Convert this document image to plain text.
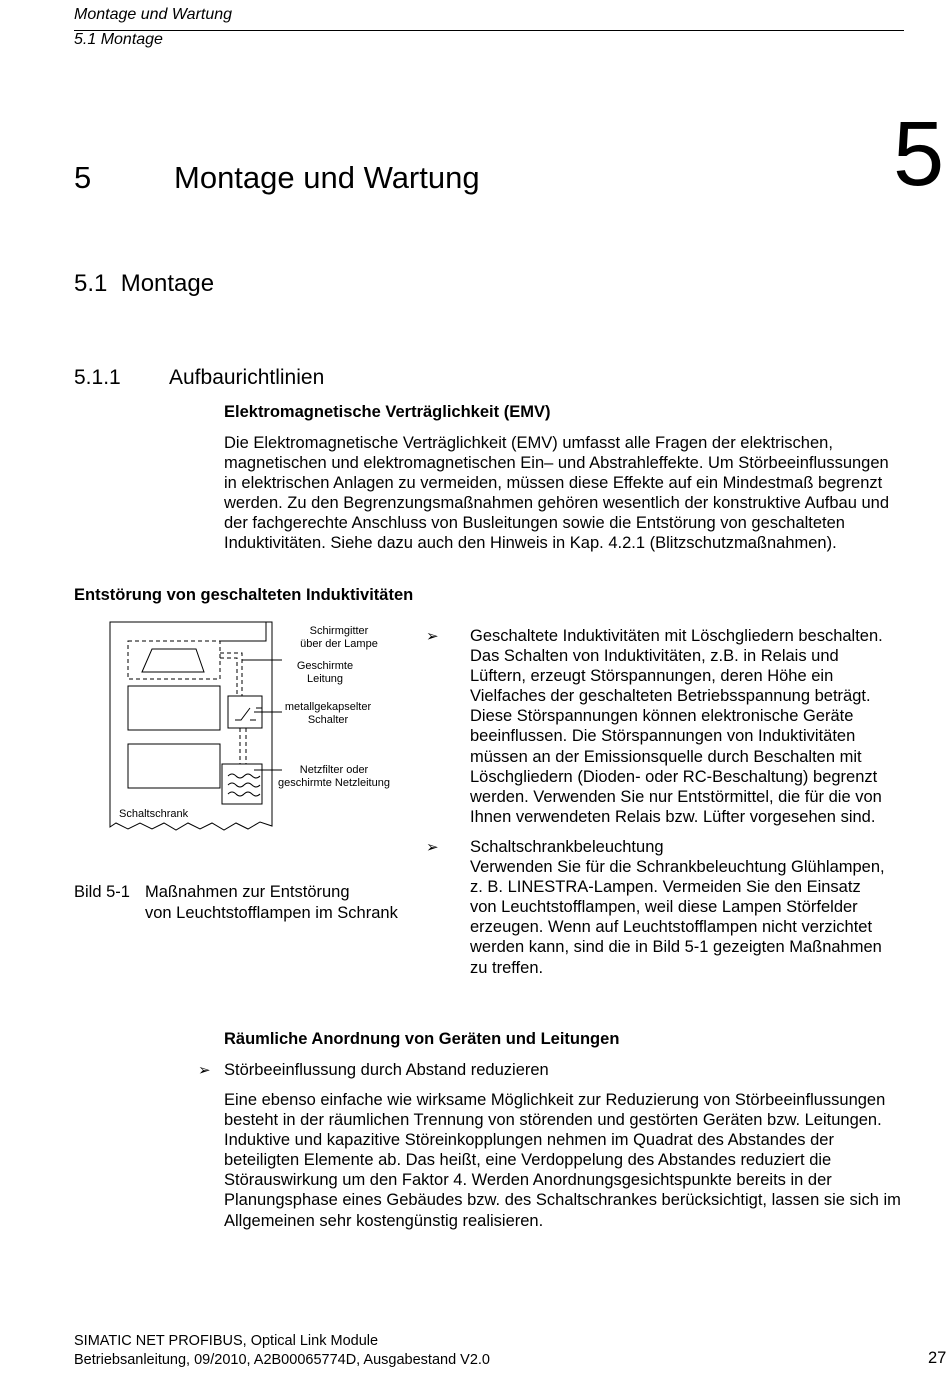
Montage und Wartung
5.1 Montage
5	Montage und Wartung	5
5.1  Montage
5.1.1 Aufbaurichtlinien
Elektromagnetische Verträglichkeit (EMV)

Die Elektromagnetische Verträglichkeit (EMV) umfasst alle Fragen der elektrischen, magnetischen und elektromagnetischen Ein– und Abstrahleffekte. Um Störbeeinflussungen in elektrischen Anlagen zu vermeiden, müssen diese Effekte auf ein Mindestmaß begrenzt werden. Zu den Begrenzungsmaßnahmen gehören wesentlich der konstruktive Aufbau und der fachgerechte Anschluss von Busleitungen sowie die Entstörung von geschalteten Induktivitäten. Siehe dazu auch den Hinweis in Kap. 4.2.1 (Blitzschutzmaßnahmen).

Entstörung von geschalteten Induktivitäten
Schirmgitter
über der Lampe
Geschirmte
Leitung
metallgekapselter
Schalter
Netzfilter oder
geschirmte Netzleitung
Schaltschrank
Bild 5-1 Maßnahmen zur Entstörung
von Leuchtstofflampen im Schrank
➢ Geschaltete Induktivitäten mit Löschgliedern beschalten.
Das Schalten von Induktivitäten, z.B. in Relais und
Lüftern, erzeugt Störspannungen, deren Höhe ein
Vielfaches der geschalteten Betriebsspannung beträgt.
Diese Störspannungen können elektronische Geräte
beeinflussen. Die Störspannungen von Induktivitäten
müssen an der Emissionsquelle durch Beschalten mit
Löschgliedern (Dioden- oder RC-Beschaltung) begrenzt
werden. Verwenden Sie nur Entstörmittel, die für die von
Ihnen verwendeten Relais bzw. Lüfter vorgesehen sind.
➢ Schaltschrankbeleuchtung
Verwenden Sie für die Schrankbeleuchtung Glühlampen,
z. B. LINESTRA-Lampen. Vermeiden Sie den Einsatz
von Leuchtstofflampen, weil diese Lampen Störfelder
erzeugen. Wenn auf Leuchtstofflampen nicht verzichtet
werden kann, sind die in Bild 5-1 gezeigten Maßnahmen
zu treffen.
Räumliche Anordnung von Geräten und Leitungen
➢ Störbeeinflussung durch Abstand reduzieren

Eine ebenso einfache wie wirksame Möglichkeit zur Reduzierung von Störbeeinflussungen besteht in der räumlichen Trennung von störenden und gestörten Geräten bzw. Leitungen. Induktive und kapazitive Störeinkopplungen nehmen im Quadrat des Abstandes der beteiligten Elemente ab. Das heißt, eine Verdoppelung des Abstandes reduziert die Störauswirkung um den Faktor 4. Werden Anordnungsgesichtspunkte bereits in der Planungsphase eines Gebäudes bzw. des Schaltschrankes berücksichtigt, lassen sie sich im Allgemeinen sehr kostengünstig realisieren.

SIMATIC NET PROFIBUS, Optical Link Module
Betriebsanleitung, 09/2010, A2B00065774D, Ausgabestand V2.0	27
